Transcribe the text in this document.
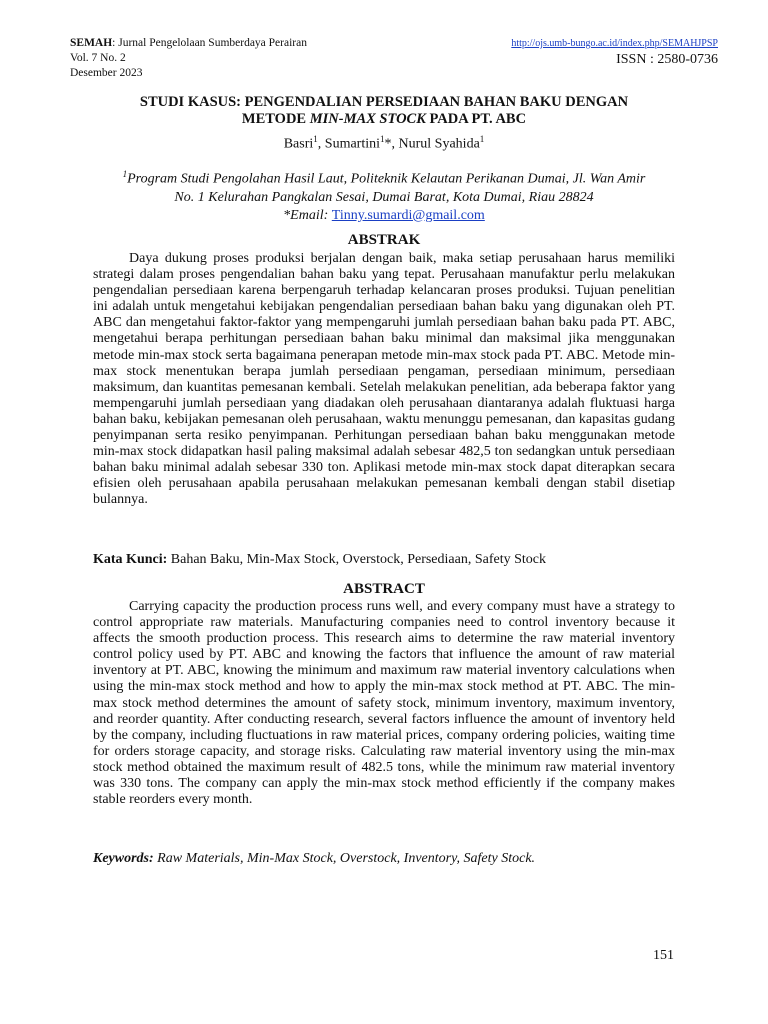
SEMAH: Jurnal Pengelolaan Sumberdaya Perairan
Vol. 7 No. 2
Desember 2023
http://ojs.umb-bungo.ac.id/index.php/SEMAHJPSP
ISSN : 2580-0736
STUDI KASUS: PENGENDALIAN PERSEDIAAN BAHAN BAKU DENGAN
METODE MIN-MAX STOCK PADA PT. ABC
Basri$^1$, Sumartini$^1$*, Nurul Syahida$^1$
$^1$Program Studi Pengolahan Hasil Laut, Politeknik Kelautan Perikanan Dumai, Jl. Wan Amir
No. 1 Kelurahan Pangkalan Sesai, Dumai Barat, Kota Dumai, Riau 28824
*Email: Tinny.sumardi@gmail.com
ABSTRAK

Daya dukung proses produksi berjalan dengan baik, maka setiap perusahaan harus memiliki strategi dalam proses pengendalian bahan baku yang tepat. Perusahaan manufaktur perlu melakukan pengendalian persediaan karena berpengaruh terhadap kelancaran proses produksi. Tujuan penelitian ini adalah untuk mengetahui kebijakan pengendalian persediaan bahan baku yang digunakan oleh PT. ABC dan mengetahui faktor-faktor yang mempengaruhi jumlah persediaan bahan baku pada PT. ABC, mengetahui berapa perhitungan persediaan bahan baku minimal dan maksimal jika menggunakan metode min-max stock serta bagaimana penerapan metode min-max stock pada PT. ABC. Metode min-max stock menentukan berapa jumlah persediaan pengaman, persediaan minimum, persediaan maksimum, dan kuantitas pemesanan kembali. Setelah melakukan penelitian, ada beberapa faktor yang mempengaruhi jumlah persediaan yang diadakan oleh perusahaan diantaranya adalah fluktuasi harga bahan baku, kebijakan pemesanan oleh perusahaan, waktu menunggu pemesanan, dan kapasitas gudang penyimpanan serta resiko penyimpanan. Perhitungan persediaan bahan baku menggunakan metode min-max stock didapatkan hasil paling maksimal adalah sebesar 482,5 ton sedangkan untuk persediaan bahan baku minimal adalah sebesar 330 ton. Aplikasi metode min-max stock dapat diterapkan secara efisien oleh perusahaan apabila perusahaan melakukan pemesanan kembali dengan stabil disetiap bulannya.

Kata Kunci: Bahan Baku, Min-Max Stock, Overstock, Persediaan, Safety Stock
ABSTRACT

Carrying capacity the production process runs well, and every company must have a strategy to control appropriate raw materials. Manufacturing companies need to control inventory because it affects the smooth production process. This research aims to determine the raw material inventory control policy used by PT. ABC and knowing the factors that influence the amount of raw material inventory at PT. ABC, knowing the minimum and maximum raw material inventory calculations when using the min-max stock method and how to apply the min-max stock method at PT. ABC. The min-max stock method determines the amount of safety stock, minimum inventory, maximum inventory, and reorder quantity. After conducting research, several factors influence the amount of inventory held by the company, including fluctuations in raw material prices, company ordering policies, waiting time for orders storage capacity, and storage risks. Calculating raw material inventory using the min-max stock method obtained the maximum result of 482.5 tons, while the minimum raw material inventory was 330 tons. The company can apply the min-max stock method efficiently if the company makes stable reorders every month.

Keywords: Raw Materials, Min-Max Stock, Overstock, Inventory, Safety Stock.
151
